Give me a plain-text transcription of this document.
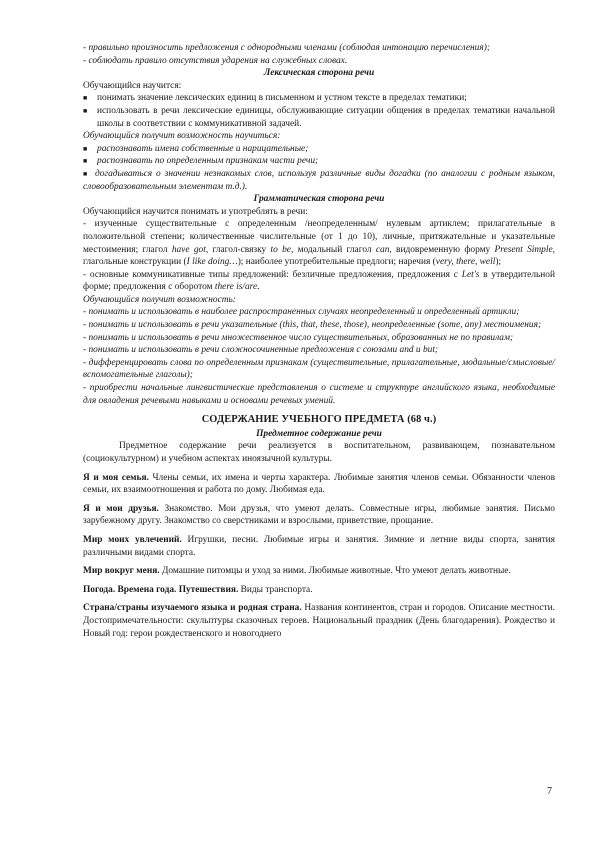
- правильно произносить предложения с однородными членами (соблюдая интонацию перечисления);

- соблюдать правило отсутствия ударения на служебных словах.

Лексическая сторона речи

Обучающийся научится:

■

понимать значение лексических единиц в письменном и устном тексте в пределах тематики;

■

использовать в речи лексические единицы, обслуживающие ситуации общения в пределах тематики начальной школы в соответствии с коммуникативной задачей.

Обучающийся получит возможность научиться:

■

распознавать имена собственные и нарицательные;

■

распознавать по определенным признакам части речи;

■догадываться о значении незнакомых слов, используя различные виды догадки (по аналогии с родным языком, словообразовательным элементам т.д.).

Грамматическая сторона речи

Обучающийся научится понимать и употреблять в речи:

- изученные существительные с определенным /неопределенным/ нулевым артиклем; прилагательные в положительной степени; количественные числительные (от 1 до 10), личные, притяжательные и указательные местоимения; глагол have got, глагол-связку to be, модальный глагол can, видовременную форму Present Simple, глагольные конструкции (I like doing…); наиболее употребительные предлоги; наречия (very, there, well);

- основные коммуникативные типы предложений: безличные предложения, предложения с Let's в утвердительной форме; предложения с оборотом there is/are.

Обучающийся получит возможность:

- понимать и использовать в наиболее распространенных случаях неопределенный и определенный артикли;

- понимать и использовать в речи указательные (this, that, these, those), неопределенные (some, any) местоимения;

- понимать и использовать в речи множественное число существительных, образованных не по правилам;

- понимать и использовать в речи сложносочиненные предложения с союзами and и but;

- дифференцировать слова по определенным признакам (существительные, прилагательные, модальные/смысловые/вспомогательные глаголы);

- приобрести начальные лингвистические представления о системе и структуре английского языка, необходимые для овладения речевыми навыками и основами речевых умений.

СОДЕРЖАНИЕ УЧЕБНОГО ПРЕДМЕТА (68 ч.)

Предметное содержание речи

Предметное содержание речи реализуется в воспитательном, развивающем, познавательном (социокультурном) и учебном аспектах иноязычной культуры.

Я и моя семья. Члены семьи, их имена и черты характера. Любимые занятия членов семьи. Обязанности членов семьи, их взаимоотношения и работа по дому. Любимая еда.

Я и мои друзья. Знакомство. Мои друзья, что умеют делать. Совместные игры, любимые занятия. Письмо зарубежному другу. Знакомство со сверстниками и взрослыми, приветствие, прощание.

Мир моих увлечений. Игрушки, песни. Любимые игры и занятия. Зимние и летние виды спорта, занятия различными видами спорта.

Мир вокруг меня. Домашние питомцы и уход за ними. Любимые животные. Что умеют делать животные.

Погода. Времена года. Путешествия. Виды транспорта.

Страна/страны изучаемого языка и родная страна. Названия континентов, стран и городов. Описание местности. Достопримечательности: скульптуры сказочных героев. Национальный праздник (День благодарения). Рождество и Новый год: герои рождественского и новогоднего

7
